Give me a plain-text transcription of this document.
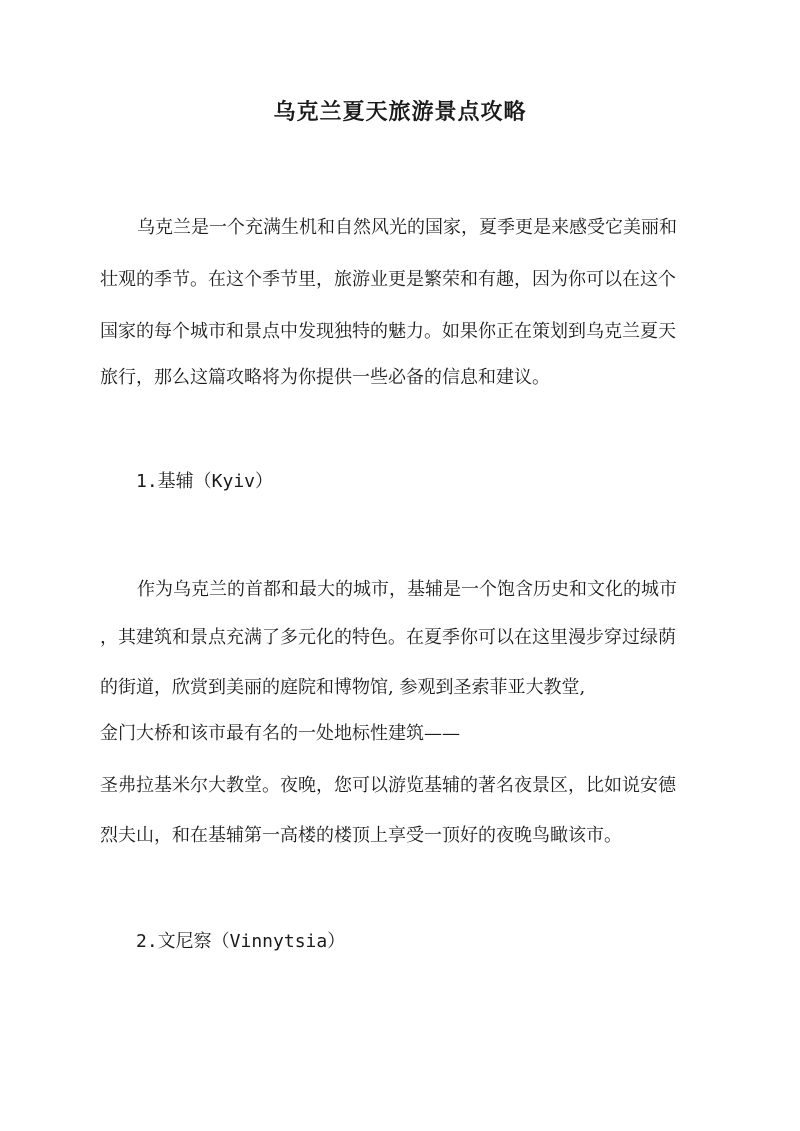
乌克兰夏天旅游景点攻略
乌克兰是一个充满生机和自然风光的国家，夏季更是来感受它美丽和
壮观的季节。在这个季节里，旅游业更是繁荣和有趣，因为你可以在这个
国家的每个城市和景点中发现独特的魅力。如果你正在策划到乌克兰夏天
旅行，那么这篇攻略将为你提供一些必备的信息和建议。
1.基辅（Kyiv）
作为乌克兰的首都和最大的城市，基辅是一个饱含历史和文化的城市
，其建筑和景点充满了多元化的特色。在夏季你可以在这里漫步穿过绿荫
的街道，欣赏到美丽的庭院和博物馆, 参观到圣索菲亚大教堂,
金门大桥和该市最有名的一处地标性建筑——
圣弗拉基米尔大教堂。夜晚，您可以游览基辅的著名夜景区，比如说安德
烈夫山，和在基辅第一高楼的楼顶上享受一顶好的夜晚鸟瞰该市。
2.文尼察（Vinnytsia）
